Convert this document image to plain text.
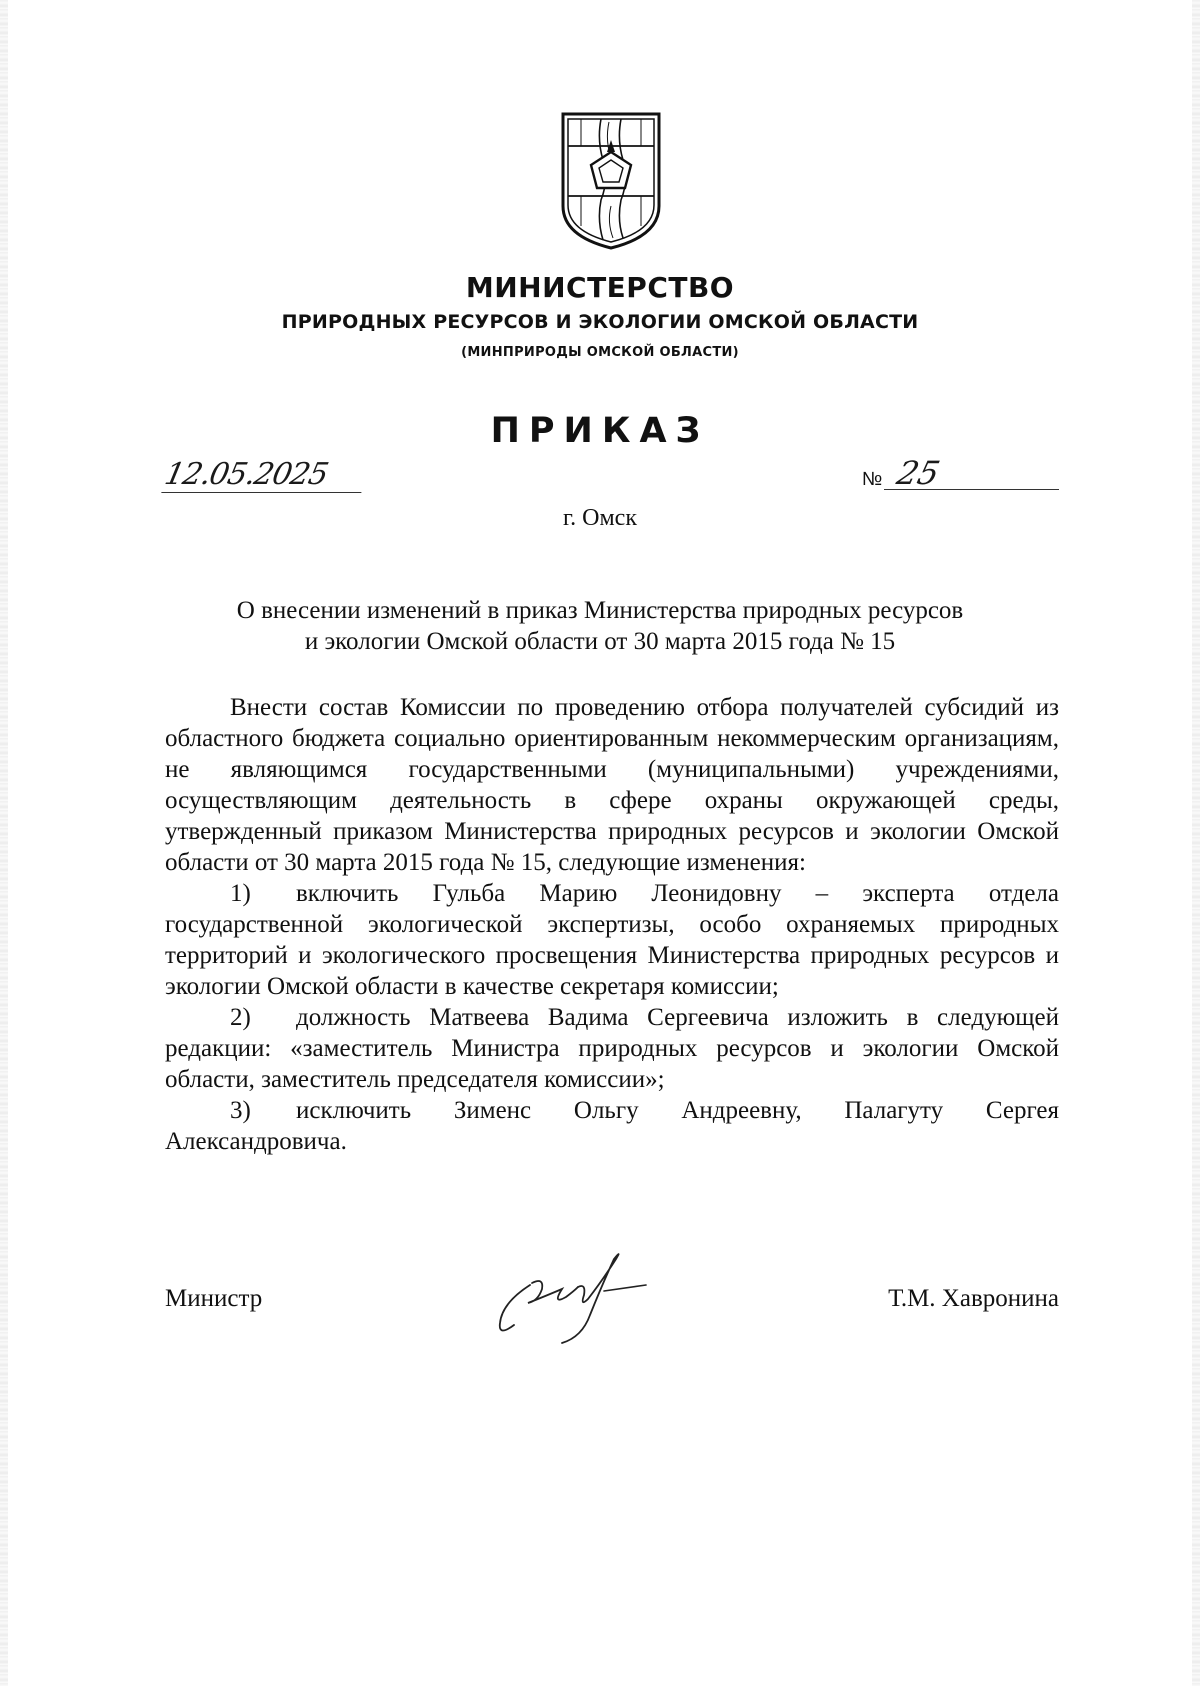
МИНИСТЕРСТВО
ПРИРОДНЫХ РЕСУРСОВ И ЭКОЛОГИИ ОМСКОЙ ОБЛАСТИ
(МИНПРИРОДЫ ОМСКОЙ ОБЛАСТИ)
ПРИКАЗ
12.05.2025	№ 25
г. Омск
О внесении изменений в приказ Министерства природных ресурсов
и экологии Омской области от 30 марта 2015 года № 15

Внести состав Комиссии по проведению отбора получателей субсидий из областного бюджета социально ориентированным некоммерческим организациям, не являющимся государственными (муниципальными) учреждениями, осуществляющим деятельность в сфере охраны окружающей среды, утвержденный приказом Министерства природных ресурсов и экологии Омской области от 30 марта 2015 года № 15, следующие изменения:

1) включить Гульба Марию Леонидовну – эксперта отдела государственной экологической экспертизы, особо охраняемых природных территорий и экологического просвещения Министерства природных ресурсов и экологии Омской области в качестве секретаря комиссии;

2) должность Матвеева Вадима Сергеевича изложить в следующей редакции: «заместитель Министра природных ресурсов и экологии Омской области, заместитель председателя комиссии»;

3) исключить Зименс Ольгу Андреевну, Палагуту Сергея Александровича.

Министр	Т.М. Хавронина
